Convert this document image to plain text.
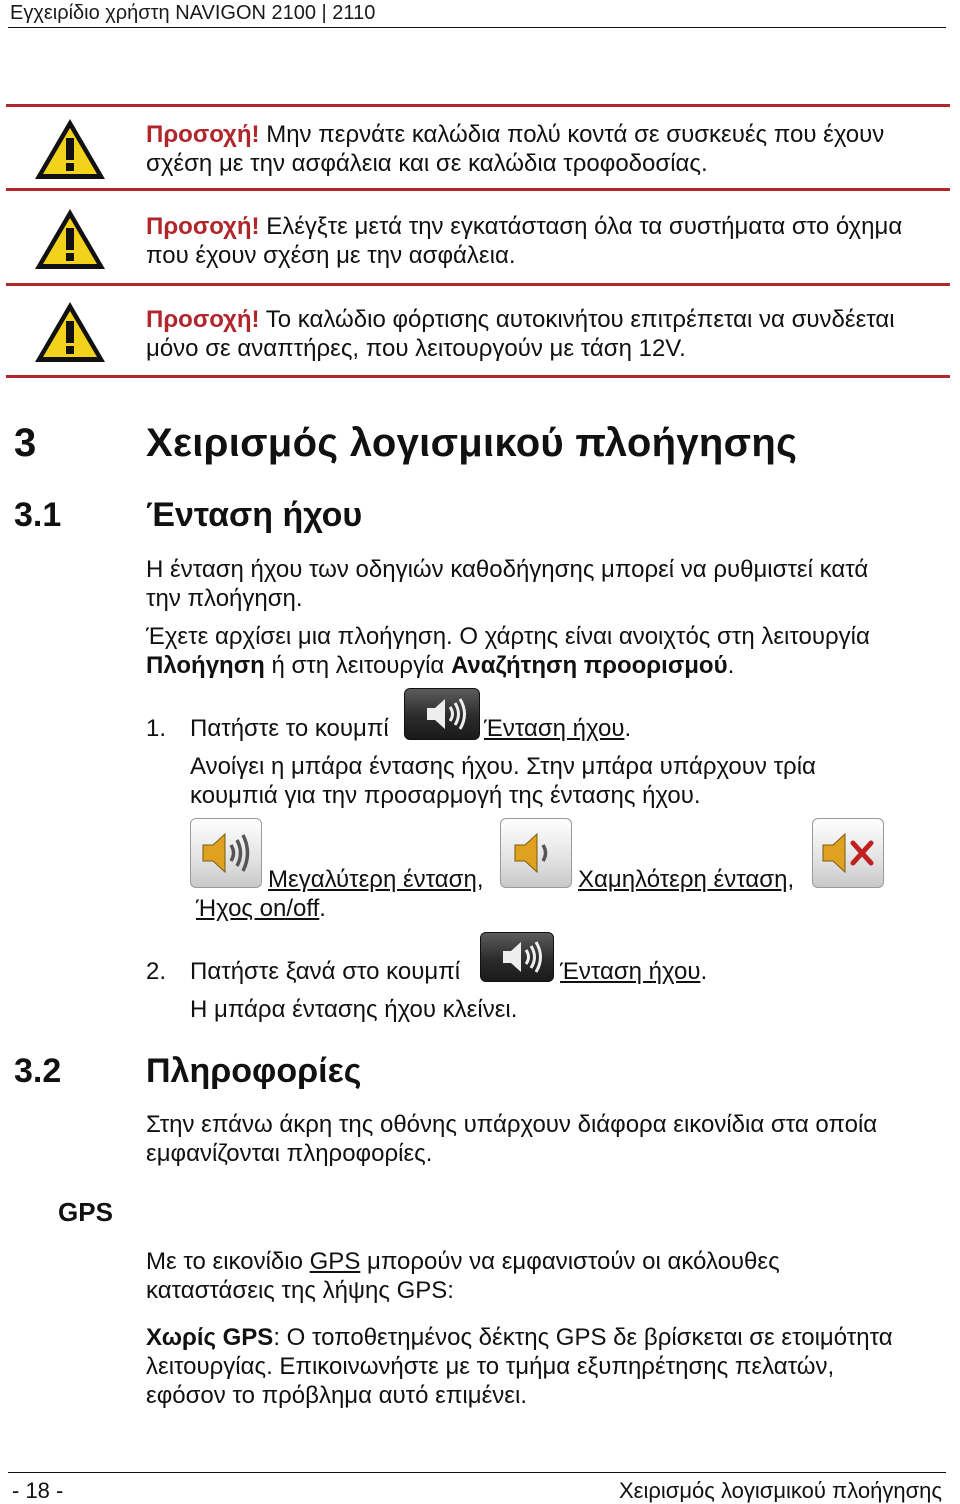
Εγχειρίδιο χρήστη NAVIGON 2100 | 2110
Προσοχή! Μην περνάτε καλώδια πολύ κοντά σε συσκευές που έχουν
σχέση με την ασφάλεια και σε καλώδια τροφοδοσίας.
Προσοχή! Ελέγξτε μετά την εγκατάσταση όλα τα συστήματα στο όχημα
που έχουν σχέση με την ασφάλεια.
Προσοχή! Το καλώδιο φόρτισης αυτοκινήτου επιτρέπεται να συνδέεται
μόνο σε αναπτήρες, που λειτουργούν με τάση 12V.
3	Χειρισμός λογισμικού πλοήγησης
3.1 Ένταση ήχου
Η ένταση ήχου των οδηγιών καθοδήγησης μπορεί να ρυθμιστεί κατά
την πλοήγηση.
Έχετε αρχίσει μια πλοήγηση. Ο χάρτης είναι ανοιχτός στη λειτουργία
Πλοήγηση ή στη λειτουργία Αναζήτηση προορισμού.
1. Πατήστε το κουμπί	Ένταση ήχου.
Ανοίγει η μπάρα έντασης ήχου. Στην μπάρα υπάρχουν τρία
κουμπιά για την προσαρμογή της έντασης ήχου.
Μεγαλύτερη ένταση,	Χαμηλότερη ένταση,
Ήχος on/off.
2. Πατήστε ξανά στο κουμπί	Ένταση ήχου.
Η μπάρα έντασης ήχου κλείνει.
3.2 Πληροφορίες
Στην επάνω άκρη της οθόνης υπάρχουν διάφορα εικονίδια στα οποία
εμφανίζονται πληροφορίες.
GPS
Με το εικονίδιο GPS μπορούν να εμφανιστούν οι ακόλουθες
καταστάσεις της λήψης GPS:
Χωρίς GPS: Ο τοποθετημένος δέκτης GPS δε βρίσκεται σε ετοιμότητα
λειτουργίας. Επικοινωνήστε με το τμήμα εξυπηρέτησης πελατών,
εφόσον το πρόβλημα αυτό επιμένει.
- 18 -	Χειρισμός λογισμικού πλοήγησης
